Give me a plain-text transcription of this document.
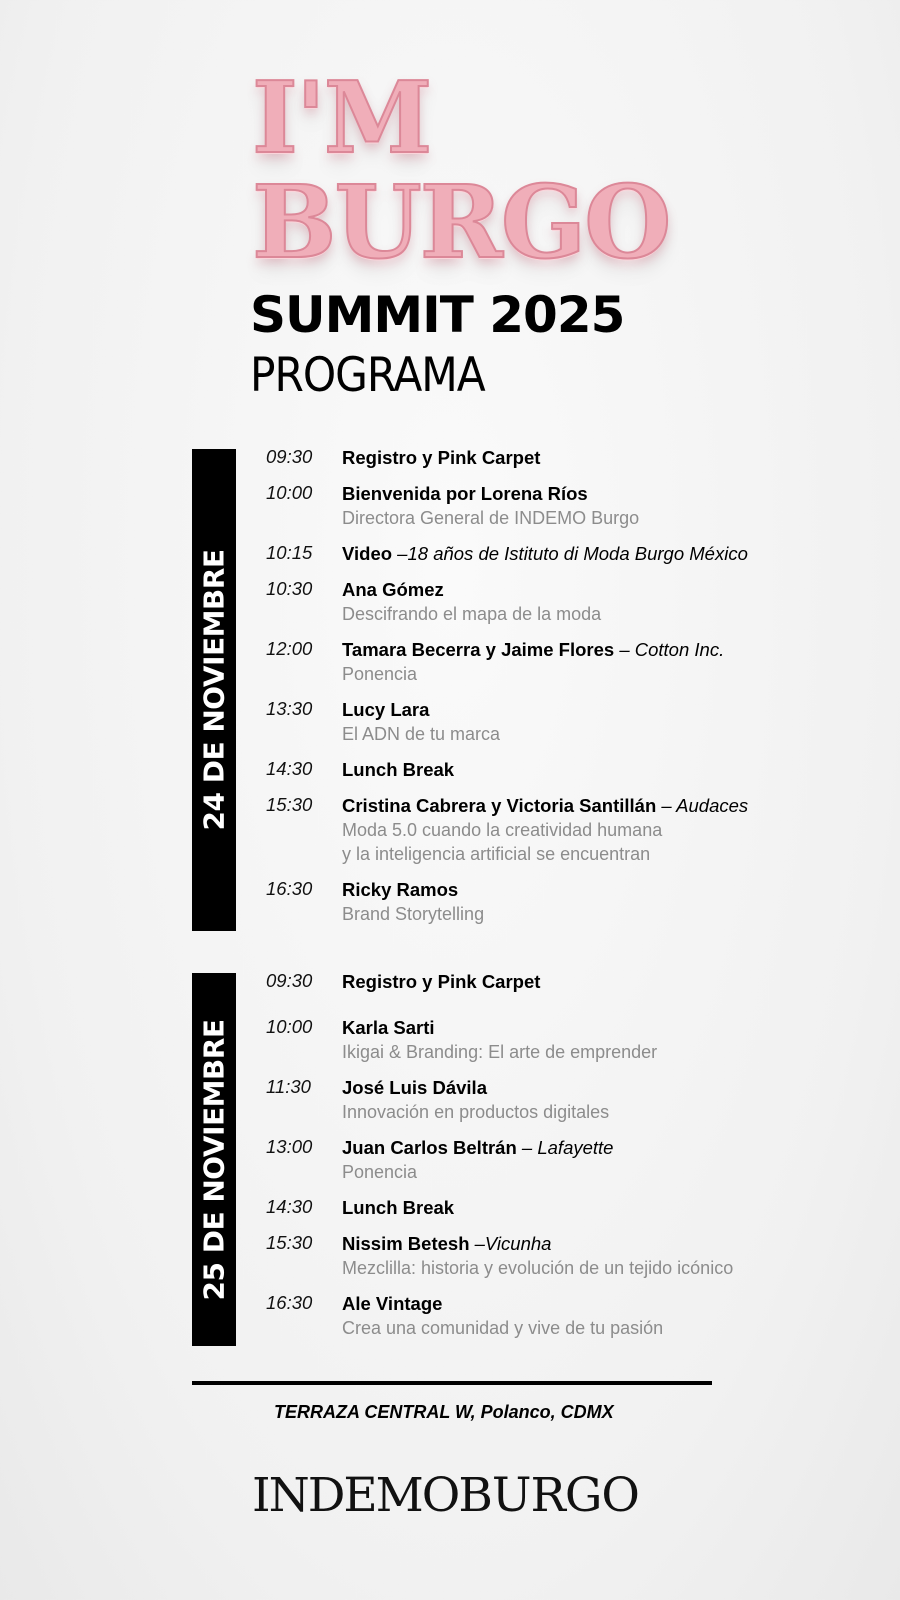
I'M
BURGO
SUMMIT 2025
PROGRAMA
24 DE NOVIEMBRE
09:30	Registro y Pink Carpet
10:00	Bienvenida por Lorena Ríos
Directora General de INDEMO Burgo
10:15	Video –18 años de Istituto di Moda Burgo México
10:30	Ana Gómez
Descifrando el mapa de la moda
12:00	Tamara Becerra y Jaime Flores – Cotton Inc.
Ponencia
13:30	Lucy Lara
El ADN de tu marca
14:30	Lunch Break
15:30	Cristina Cabrera y Victoria Santillán – Audaces
Moda 5.0 cuando la creatividad humana
y la inteligencia artificial se encuentran
16:30	Ricky Ramos
Brand Storytelling
25 DE NOVIEMBRE
09:30	Registro y Pink Carpet
10:00	Karla Sarti
Ikigai & Branding: El arte de emprender
11:30	José Luis Dávila
Innovación en productos digitales
13:00	Juan Carlos Beltrán – Lafayette
Ponencia
14:30	Lunch Break
15:30	Nissim Betesh –Vicunha
Mezclilla: historia y evolución de un tejido icónico
16:30	Ale Vintage
Crea una comunidad y vive de tu pasión
TERRAZA CENTRAL W, Polanco, CDMX
INDEMOBURGO
